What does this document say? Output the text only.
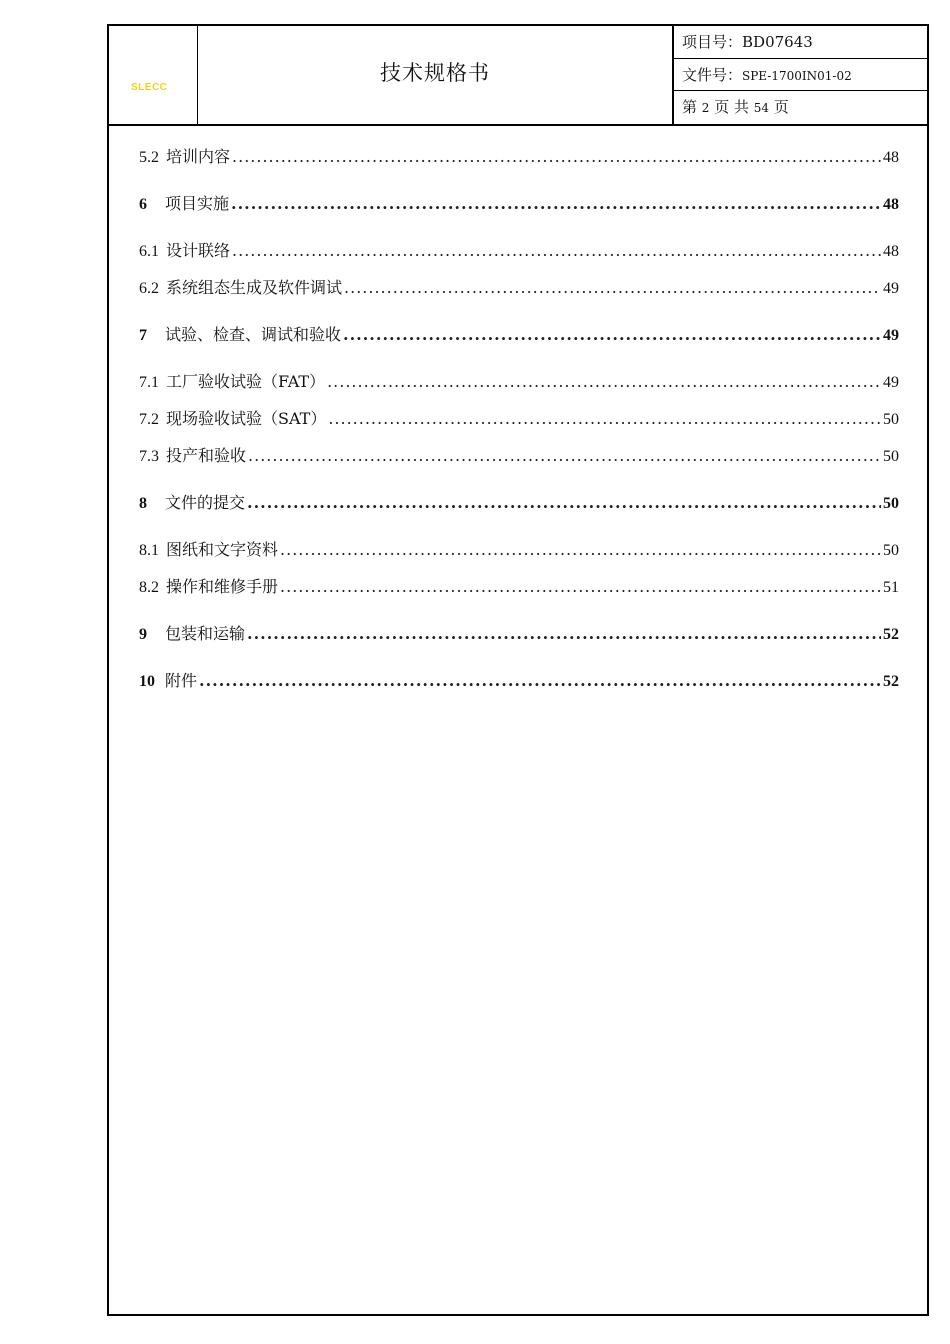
SLECC
技术规格书
项目号：BD07643
文件号：SPE-1700IN01-02
第 2 页 共 54 页
5.2 培训内容 .....	48
6 项目实施 .....	48
6.1 设计联络 .....	48
6.2 系统组态生成及软件调试 .....	49
7 试验、检查、调试和验收 .....	49
7.1 工厂验收试验（FAT） .....	49
7.2 现场验收试验（SAT） .....	50
7.3 投产和验收 .....	50
8 文件的提交 .....	50
8.1 图纸和文字资料 .....	50
8.2 操作和维修手册 .....	51
9 包装和运输 .....	52
10 附件 .....	52
